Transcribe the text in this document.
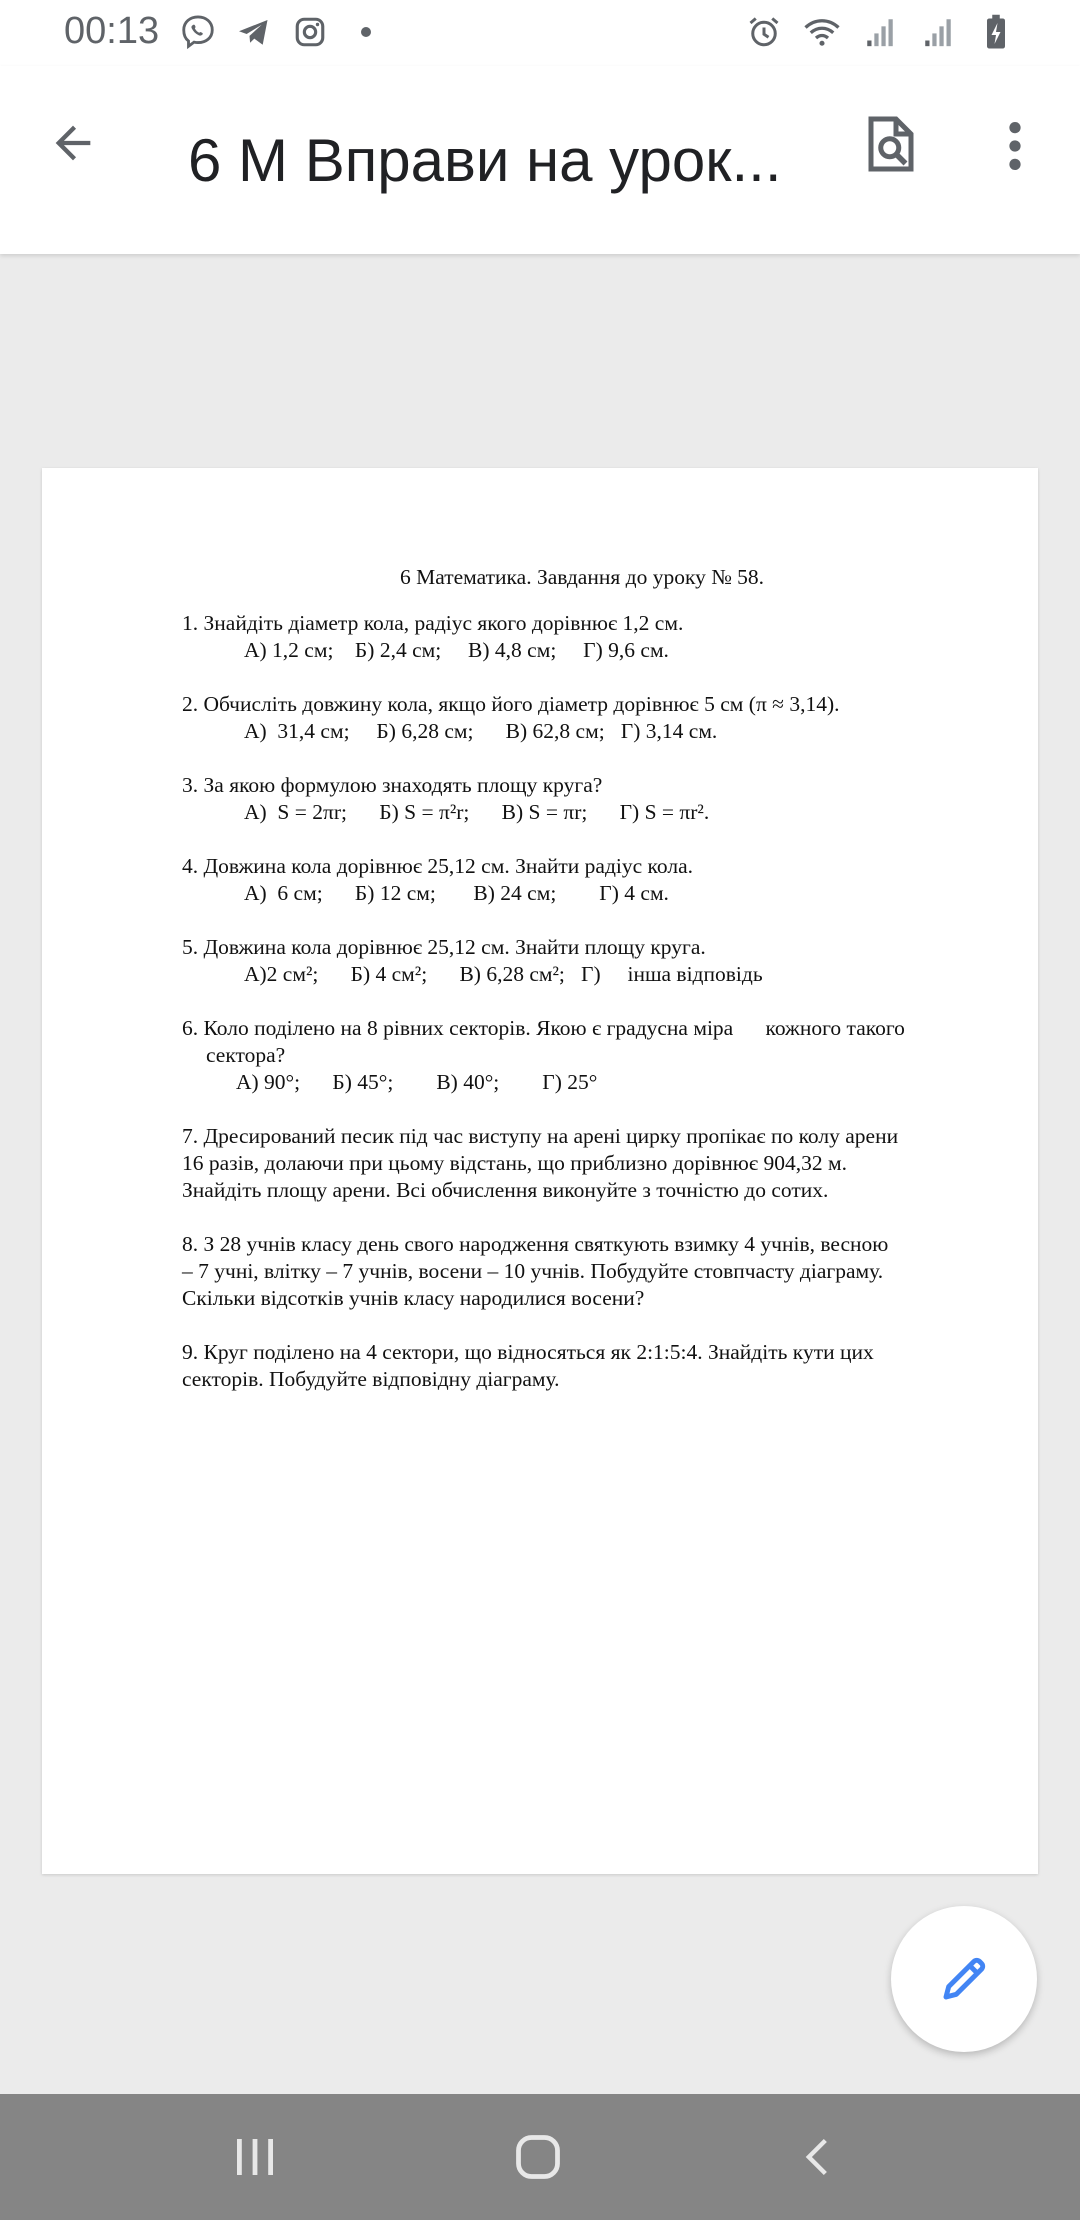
00:13
6 М Вправи на урок...
6 Математика. Завдання до уроку № 58.

1. Знайдіть діаметр кола, радіус якого дорівнює 1,2 см.

А) 1,2 см;    Б) 2,4 см;     В) 4,8 см;     Г) 9,6 см.

2. Обчисліть довжину кола, якщо його діаметр дорівнює 5 см (π ≈ 3,14).

А)  31,4 см;     Б) 6,28 см;      В) 62,8 см;   Г) 3,14 см.

3. За якою формулою знаходять площу круга?

А)  S = 2πr;      Б) S = π²r;      В) S = πr;      Г) S = πr².

4. Довжина кола дорівнює 25,12 см. Знайти радіус кола.

А)  6 см;      Б) 12 см;       В) 24 см;        Г) 4 см.

5. Довжина кола дорівнює 25,12 см. Знайти площу круга.

А)2 см²;      Б) 4 см²;      В) 6,28 см²;   Г)     інша відповідь

6. Коло поділено на 8 рівних секторів. Якою є градусна міра      кожного такого

сектора?

А) 90°;      Б) 45°;        В) 40°;        Г) 25°

7. Дресирований песик під час виступу на арені цирку пропікає по колу арени

16 разів, долаючи при цьому відстань, що приблизно дорівнює 904,32 м.

Знайдіть площу арени. Всі обчислення виконуйте з точністю до сотих.

8. З 28 учнів класу день свого народження святкують взимку 4 учнів, весною

– 7 учні, влітку – 7 учнів, восени – 10 учнів. Побудуйте стовпчасту діаграму.

Скільки відсотків учнів класу народилися восени?

9. Круг поділено на 4 сектори, що відносяться як 2:1:5:4. Знайдіть кути цих

секторів. Побудуйте відповідну діаграму.
